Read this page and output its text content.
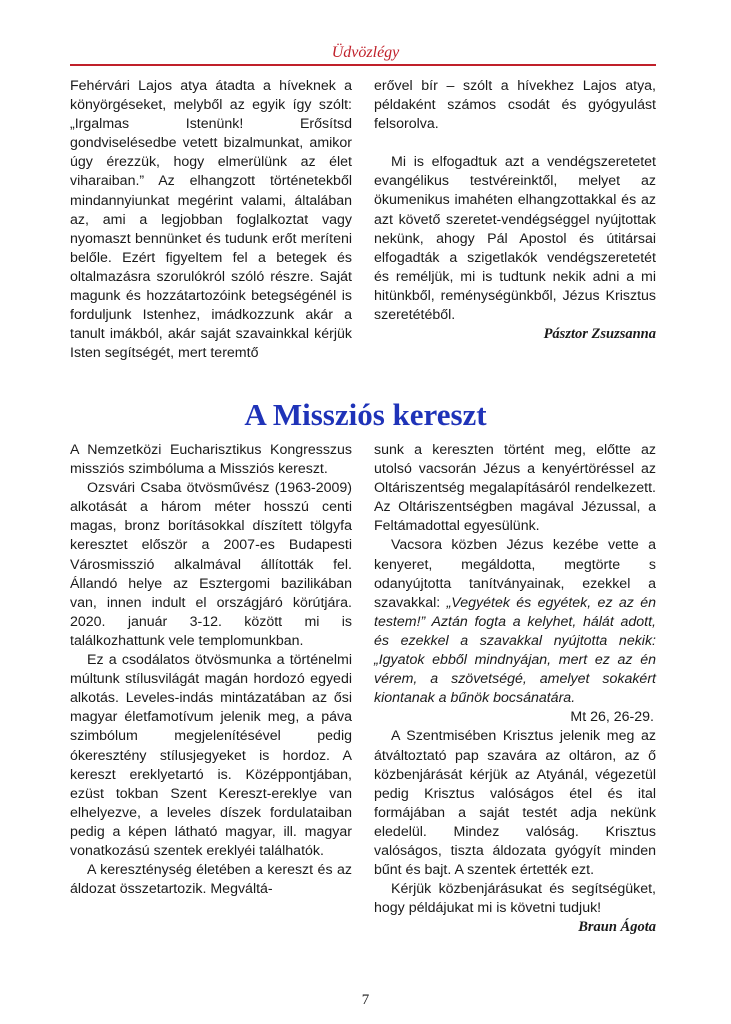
Üdvözlégy

Fehérvári Lajos atya átadta a híveknek a könyörgéseket, melyből az egyik így szólt: „Irgalmas Istenünk! Erősítsd gondviselésedbe vetett bizalmunkat, amikor úgy érezzük, hogy elmerülünk az élet viharaiban.” Az elhangzott történetekből mindannyiunkat megérint valami, általában az, ami a legjobban foglalkoztat vagy nyomaszt bennünket és tudunk erőt meríteni belőle. Ezért figyeltem fel a betegek és oltalmazásra szorulókról szóló részre. Saját magunk és hozzátartozóink betegségénél is forduljunk Istenhez, imádkozzunk akár a tanult imákból, akár saját szavainkkal kérjük Isten segítségét, mert teremtő

erővel bír – szólt a hívekhez Lajos atya, példaként számos csodát és gyógyulást felsorolva.

Mi is elfogadtuk azt a vendégszeretetet evangélikus testvéreinktől, melyet az ökumenikus imahéten elhangzottakkal és az azt követő szeretet-vendégséggel nyújtottak nekünk, ahogy Pál Apostol és útitársai elfogadták a szigetlakók vendégszeretetét és reméljük, mi is tudtunk nekik adni a mi hitünkből, reménységünkből, Jézus Krisztus szeretétéből.

Pásztor Zsuzsanna

A Missziós kereszt

A Nemzetközi Eucharisztikus Kongresszus missziós szimbóluma a Missziós kereszt.

Ozsvári Csaba ötvösművész (1963-2009) alkotását a három méter hosszú centi magas, bronz borításokkal díszített tölgyfa keresztet először a 2007-es Budapesti Városmisszió alkalmával állították fel. Állandó helye az Esztergomi bazilikában van, innen indult el országjáró körútjára. 2020. január 3-12. között mi is találkozhattunk vele templomunkban.

Ez a csodálatos ötvösmunka a történelmi múltunk stílusvilágát magán hordozó egyedi alkotás. Leveles-indás mintázatában az ősi magyar életfamotívum jelenik meg, a páva szimbólum megjelenítésével pedig ókeresztény stílusjegyeket is hordoz. A kereszt ereklyetartó is. Középpontjában, ezüst tokban Szent Kereszt-ereklye van elhelyezve, a leveles díszek fordulataiban pedig a képen látható magyar, ill. magyar vonatkozású szentek ereklyéi találhatók.

A kereszténység életében a kereszt és az áldozat összetartozik. Megváltá-

sunk a kereszten történt meg, előtte az utolsó vacsorán Jézus a kenyértöréssel az Oltáriszentség megalapításáról rendelkezett. Az Oltáriszentségben magával Jézussal, a Feltámadottal egyesülünk.

Vacsora közben Jézus kezébe vette a kenyeret, megáldotta, megtörte s odanyújtotta tanítványainak, ezekkel a szavakkal: „Vegyétek és egyétek, ez az én testem!” Aztán fogta a kelyhet, hálát adott, és ezekkel a szavakkal nyújtotta nekik: „Igyatok ebből mindnyájan, mert ez az én vérem, a szövetségé, amelyet sokakért kiontanak a bűnök bocsánatára.

Mt 26, 26-29.

A Szentmisében Krisztus jelenik meg az átváltoztató pap szavára az oltáron, az ő közbenjárását kérjük az Atyánál, végezetül pedig Krisztus valóságos étel és ital formájában a saját testét adja nekünk eledelül. Mindez valóság. Krisztus valóságos, tiszta áldozata gyógyít minden bűnt és bajt. A szentek értették ezt.

Kérjük közbenjárásukat és segítségüket, hogy példájukat mi is követni tudjuk!
Braun Ágota

7
